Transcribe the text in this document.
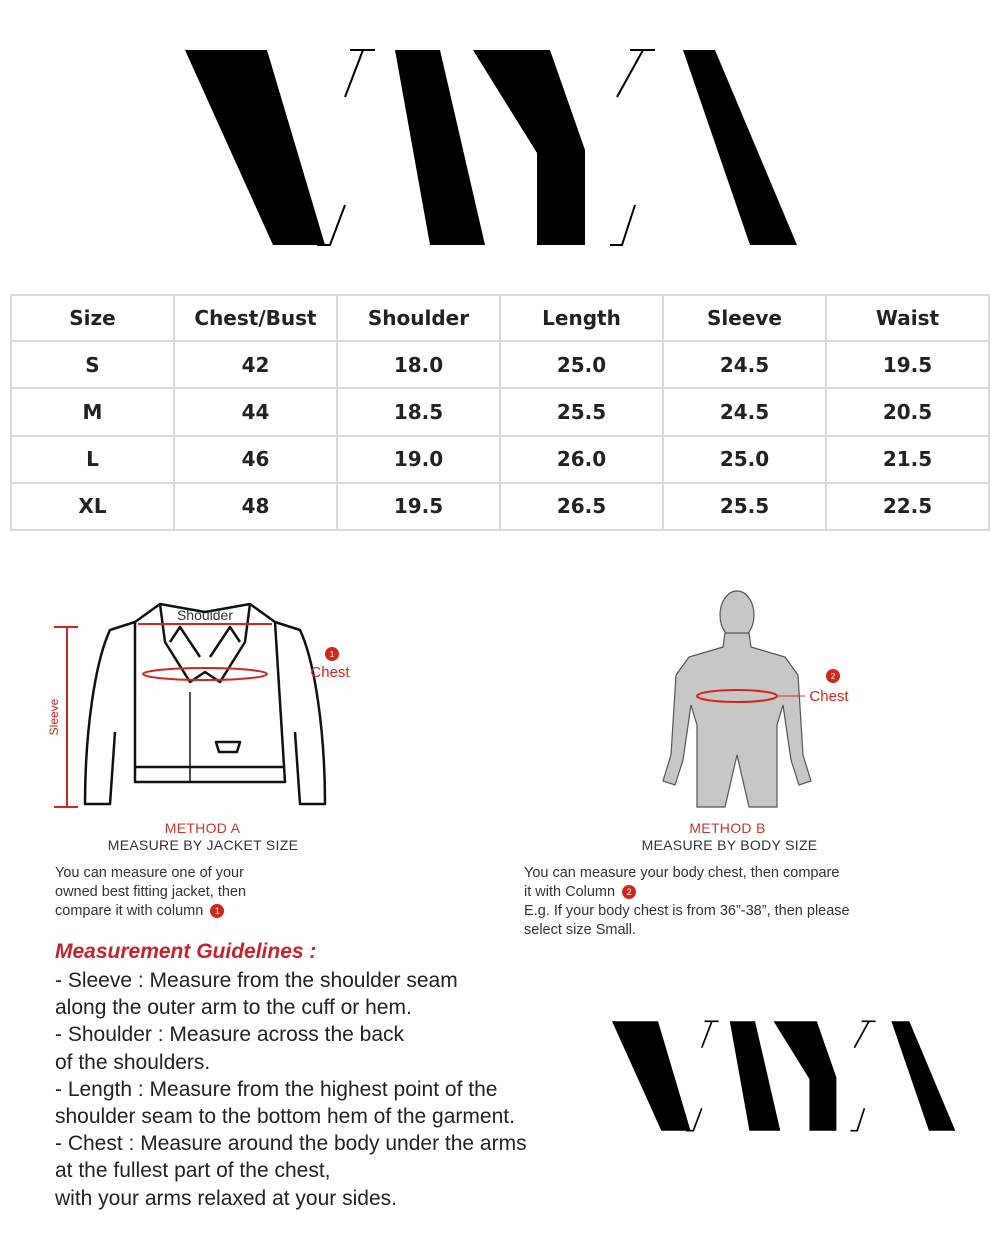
Size	Chest/Bust	Shoulder	Length	Sleeve	Waist
S	42	18.0	25.0	24.5	19.5
M	44	18.5	25.5	24.5	20.5
L	46	19.0	26.0	25.0	21.5
XL	48	19.5	26.5	25.5	22.5
Shoulder
1
Chest
Sleeve
2
Chest
METHOD A
MEASURE BY JACKET SIZE
You can measure one of your
owned best fitting jacket, then
compare it with column 1
METHOD B
MEASURE BY BODY SIZE
You can measure your body chest, then compare
it with Column 2
E.g. If your body chest is from 36”-38”, then please
select size Small.
Measurement Guidelines :
- Sleeve : Measure from the shoulder seam
along the outer arm to the cuff or hem.
- Shoulder : Measure across the back
of the shoulders.
- Length : Measure from the highest point of the
shoulder seam to the bottom hem of the garment.
- Chest : Measure around the body under the arms
at the fullest part of the chest,
with your arms relaxed at your sides.
